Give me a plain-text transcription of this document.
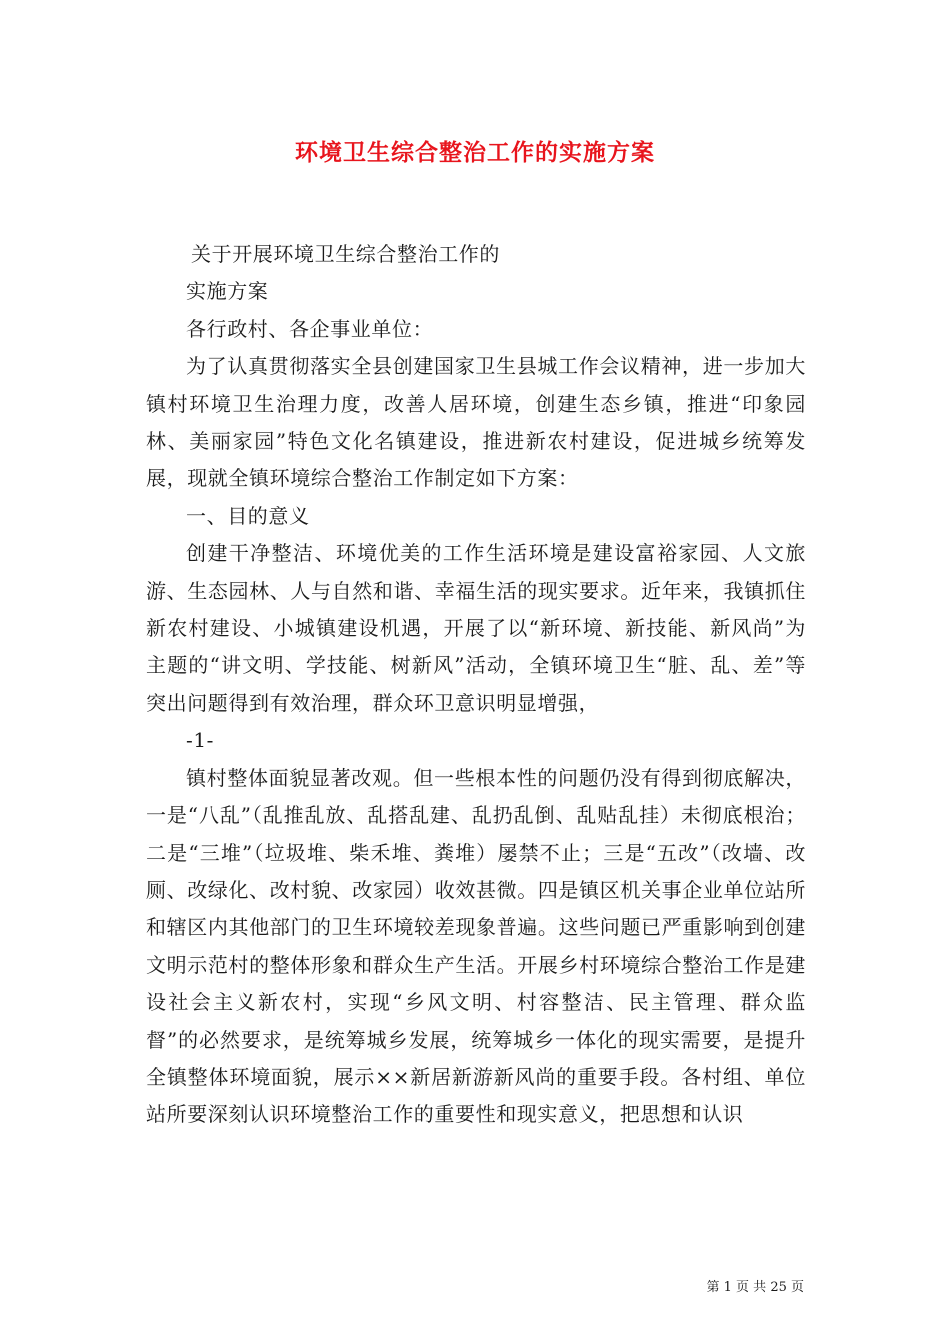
环境卫生综合整治工作的实施方案

关于开展环境卫生综合整治工作的

实施方案

各行政村、各企事业单位：

为了认真贯彻落实全县创建国家卫生县城工作会议精神，进一步加大镇村环境卫生治理力度，改善人居环境，创建生态乡镇，推进“印象园林、美丽家园”特色文化名镇建设，推进新农村建设，促进城乡统筹发展，现就全镇环境综合整治工作制定如下方案：

一、目的意义

创建干净整洁、环境优美的工作生活环境是建设富裕家园、人文旅游、生态园林、人与自然和谐、幸福生活的现实要求。近年来，我镇抓住新农村建设、小城镇建设机遇，开展了以“新环境、新技能、新风尚”为主题的“讲文明、学技能、树新风”活动，全镇环境卫生“脏、乱、差”等突出问题得到有效治理，群众环卫意识明显增强，

-1-

镇村整体面貌显著改观。但一些根本性的问题仍没有得到彻底解决，一是“八乱”（乱推乱放、乱搭乱建、乱扔乱倒、乱贴乱挂）未彻底根治；二是“三堆”（垃圾堆、柴禾堆、粪堆）屡禁不止；三是“五改”（改墙、改厕、改绿化、改村貌、改家园）收效甚微。四是镇区机关事企业单位站所和辖区内其他部门的卫生环境较差现象普遍。这些问题已严重影响到创建文明示范村的整体形象和群众生产生活。开展乡村环境综合整治工作是建设社会主义新农村，实现“乡风文明、村容整洁、民主管理、群众监督”的必然要求，是统筹城乡发展，统筹城乡一体化的现实需要，是提升全镇整体环境面貌，展示××新居新游新风尚的重要手段。各村组、单位站所要深刻认识环境整治工作的重要性和现实意义，把思想和认识

第 1 页 共 25 页
